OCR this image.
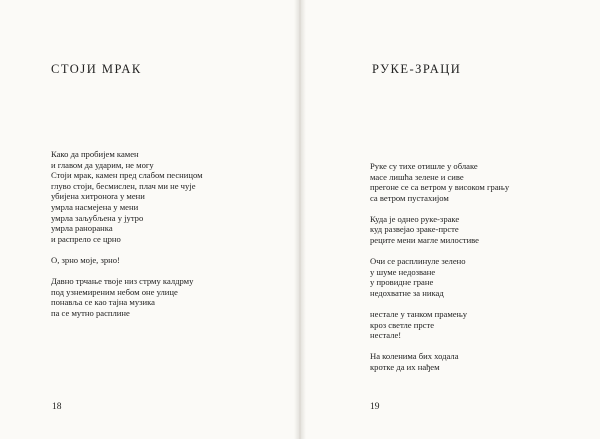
СТОЈИ МРАК
Како да пробијем камен
и главом да ударим, не могу
Стоји мрак, камен пред слабом песницом
глуво стоји, бесмислен, плач ми не чује
убијена хитроноrа у мени
умрла насмејена у мени
умрла заљубљена у јутро
умрла ранoранка
и распрело се црно
О, зрно моје, зрно!
Давно трчање твоје низ стрму калдрму
под узнемиреним небом онe улице
понављa се као тајна музика
па се мутно расплине
18
РУКЕ-ЗРАЦИ
Руке су тихе отишле у облаке
масе лишћа зелене и сиве
прегоне се са ветром у високом грању
са ветром пустахијом
Куда је однео руке-зраке
куд развејао зраке-прсте
реците мени магле милостиве
Очи се расплинуле зелено
у шуме недозване
у провидне гране
недохватне за никад
нестале у танком прамењу
кроз светле прсте
нестале!
На коленима бих ходала
кротке да их нађем
19
